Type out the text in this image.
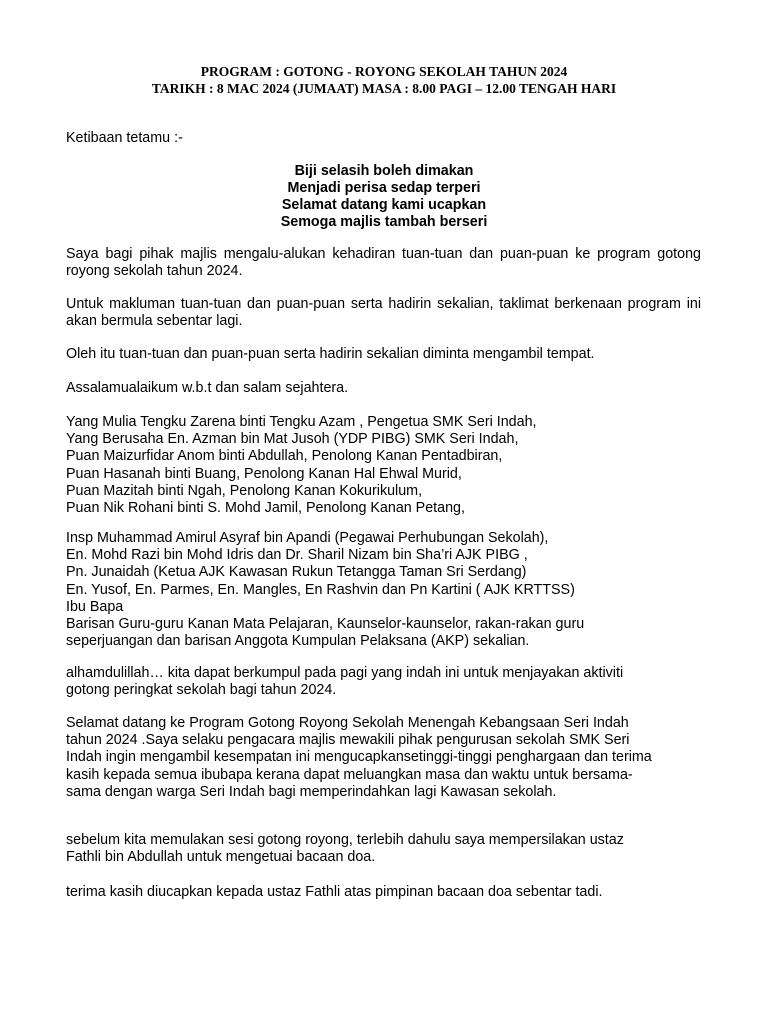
PROGRAM : GOTONG - ROYONG SEKOLAH TAHUN 2024
TARIKH : 8 MAC 2024 (JUMAAT) MASA : 8.00 PAGI – 12.00 TENGAH HARI

Ketibaan tetamu :-

Biji selasih boleh dimakan
Menjadi perisa sedap terperi
Selamat datang kami ucapkan
Semoga majlis tambah berseri

Saya bagi pihak majlis mengalu-alukan kehadiran tuan-tuan dan puan-puan ke program gotong royong sekolah tahun 2024.

Untuk makluman tuan-tuan dan puan-puan serta hadirin sekalian, taklimat berkenaan program ini akan bermula sebentar lagi.

Oleh itu tuan-tuan dan puan-puan serta hadirin sekalian diminta mengambil tempat.

Assalamualaikum w.b.t dan salam sejahtera.

Yang Mulia Tengku Zarena binti Tengku Azam , Pengetua SMK Seri Indah,
Yang Berusaha En. Azman bin Mat Jusoh (YDP PIBG) SMK Seri Indah,
Puan Maizurfidar Anom binti Abdullah, Penolong Kanan Pentadbiran,
Puan Hasanah binti Buang, Penolong Kanan Hal Ehwal Murid,
Puan Mazitah binti Ngah, Penolong Kanan Kokurikulum,
Puan Nik Rohani binti S. Mohd Jamil, Penolong Kanan Petang,
Insp Muhammad Amirul Asyraf bin Apandi (Pegawai Perhubungan Sekolah),
En. Mohd Razi bin Mohd Idris dan Dr. Sharil Nizam bin Sha’ri AJK PIBG ,
Pn. Junaidah (Ketua AJK Kawasan Rukun Tetangga Taman Sri Serdang)
En. Yusof, En. Parmes, En. Mangles, En Rashvin dan Pn Kartini ( AJK KRTTSS)
Ibu Bapa
Barisan Guru-guru Kanan Mata Pelajaran, Kaunselor-kaunselor, rakan-rakan guru
seperjuangan dan barisan Anggota Kumpulan Pelaksana (AKP) sekalian.
alhamdulillah… kita dapat berkumpul pada pagi yang indah ini untuk menjayakan aktiviti
gotong peringkat sekolah bagi tahun 2024.
Selamat datang ke Program Gotong Royong Sekolah Menengah Kebangsaan Seri Indah
tahun 2024 .Saya selaku pengacara majlis mewakili pihak pengurusan sekolah SMK Seri
Indah ingin mengambil kesempatan ini mengucapkansetinggi-tinggi penghargaan dan terima
kasih kepada semua ibubapa kerana dapat meluangkan masa dan waktu untuk bersama-
sama dengan warga Seri Indah bagi memperindahkan lagi Kawasan sekolah.
sebelum kita memulakan sesi gotong royong, terlebih dahulu saya mempersilakan ustaz
Fathli bin Abdullah untuk mengetuai bacaan doa.

terima kasih diucapkan kepada ustaz Fathli atas pimpinan bacaan doa sebentar tadi.
